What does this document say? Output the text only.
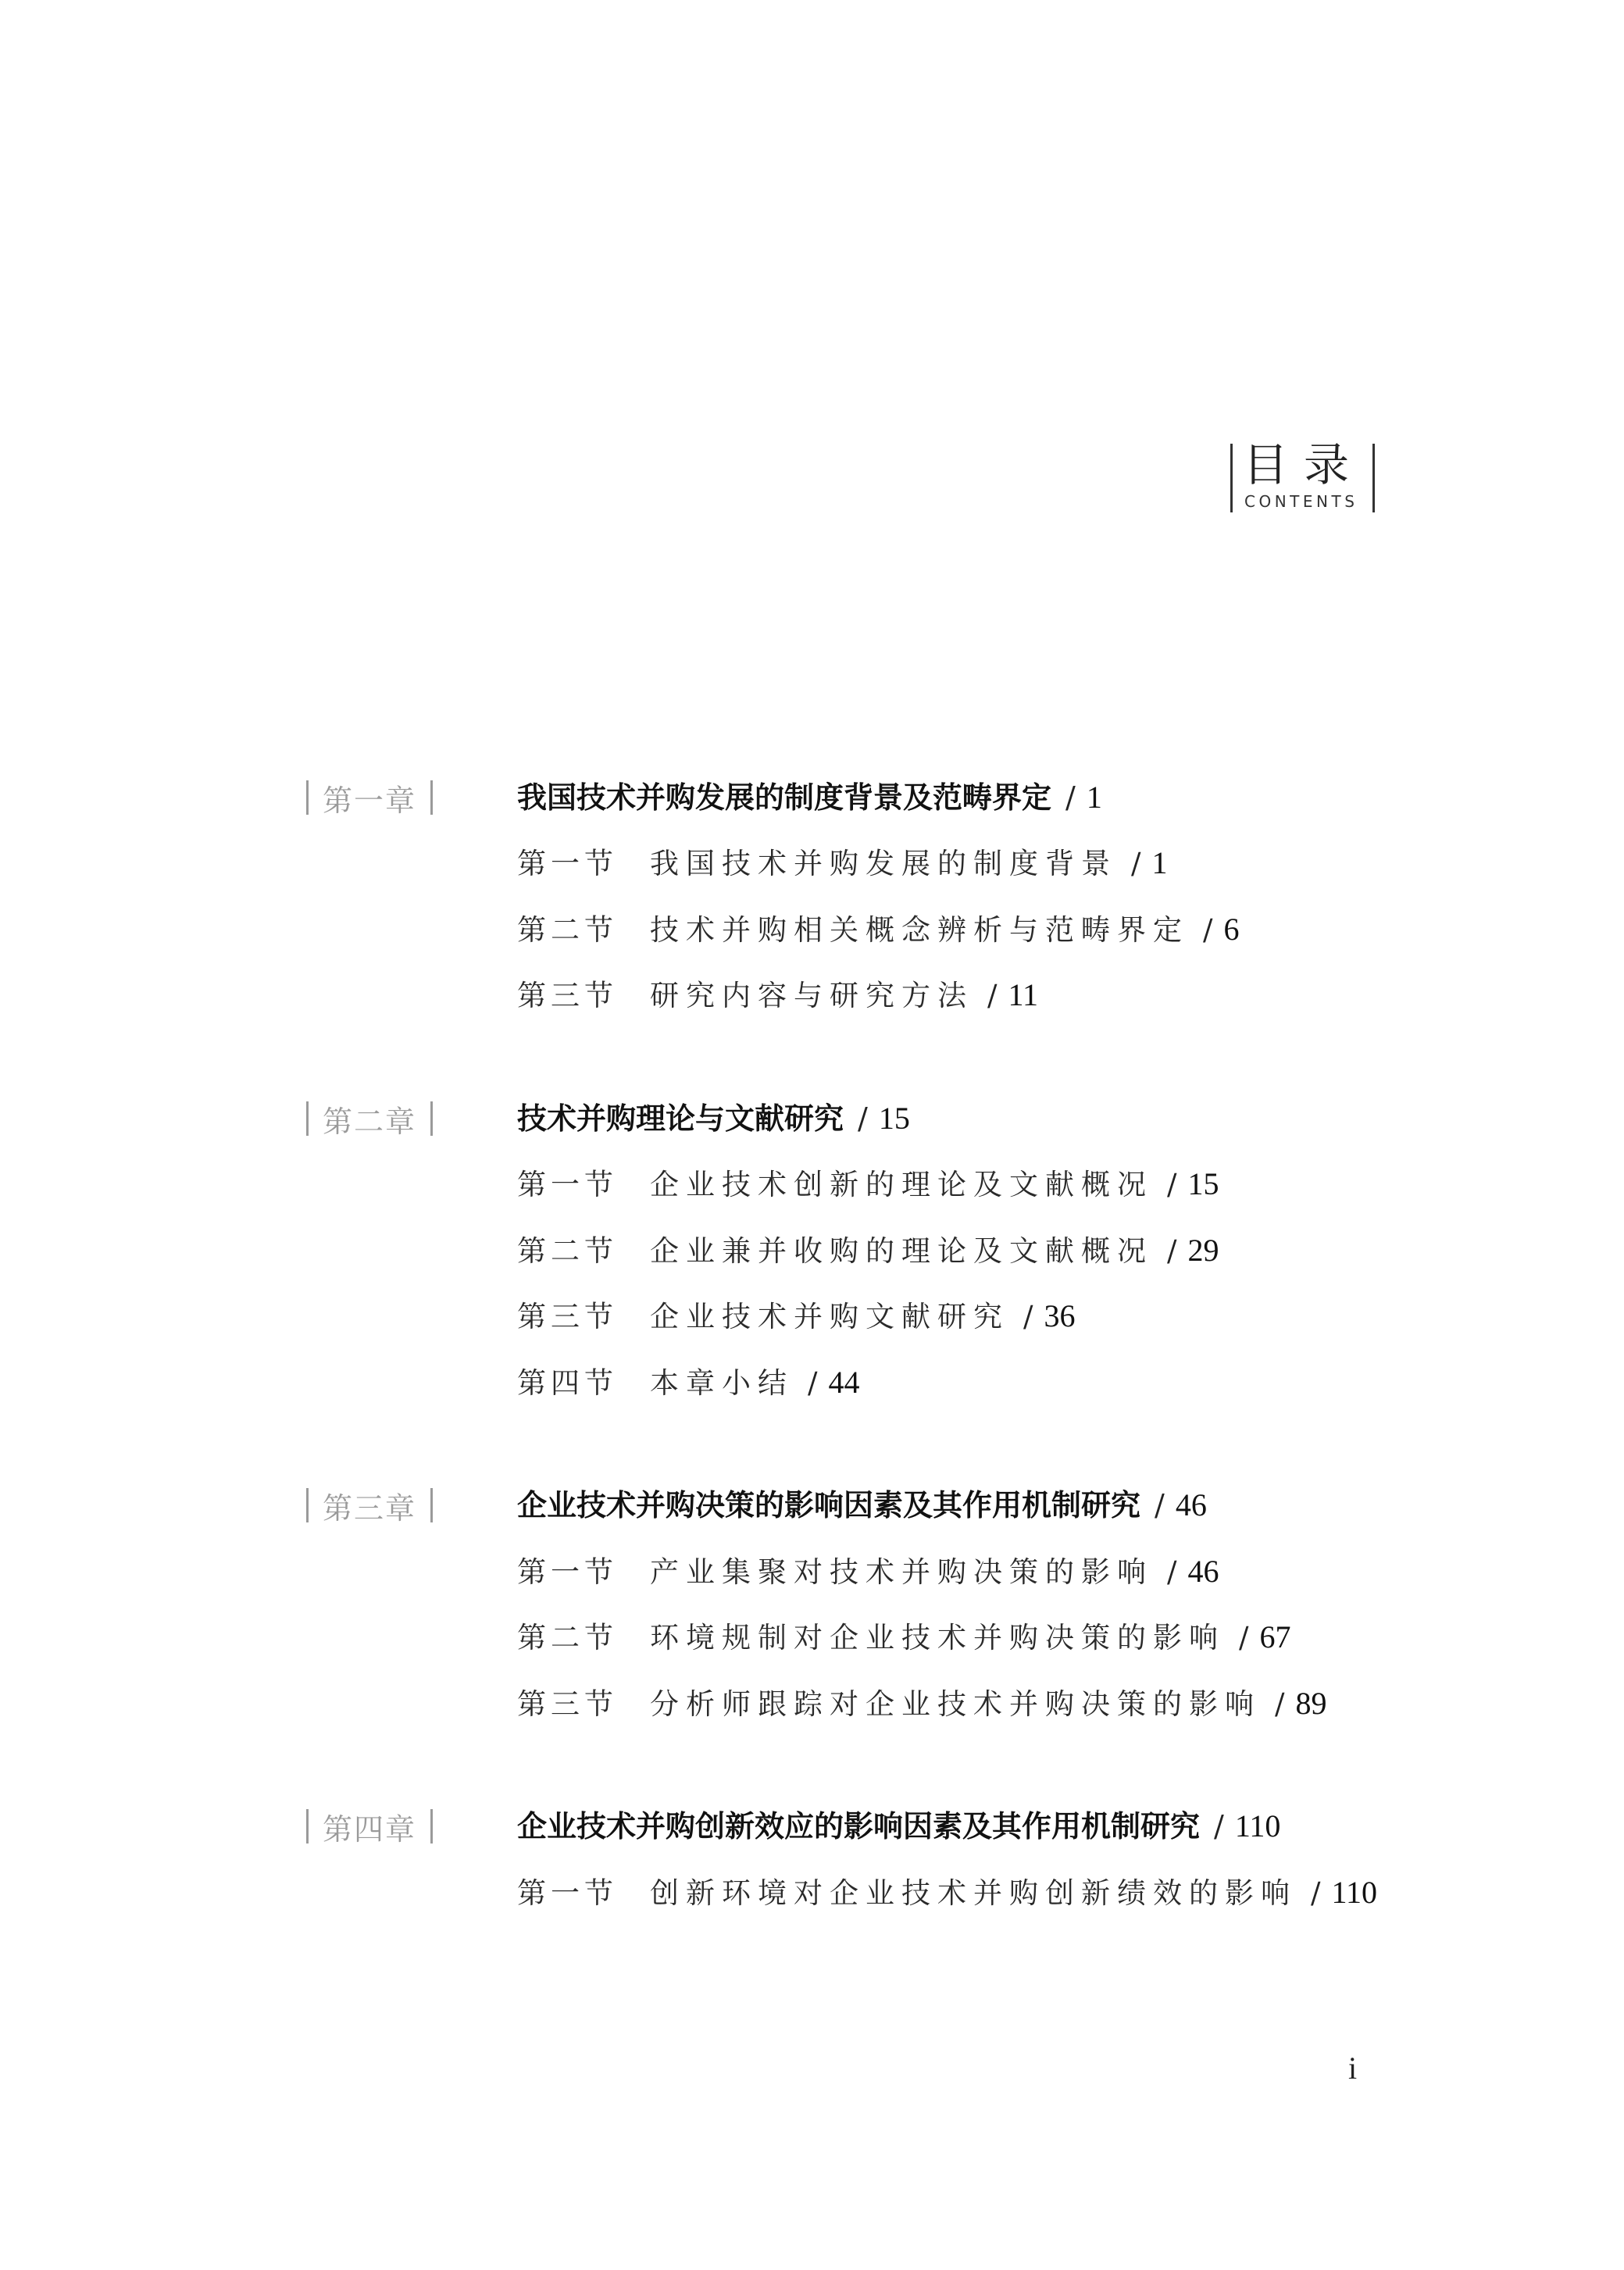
目录
CONTENTS
第一章	我国技术并购发展的制度背景及范畴界定 / 1
第一节 我国技术并购发展的制度背景 / 1
第二节 技术并购相关概念辨析与范畴界定 / 6
第三节 研究内容与研究方法 / 11
第二章	技术并购理论与文献研究 / 15
第一节 企业技术创新的理论及文献概况 / 15
第二节 企业兼并收购的理论及文献概况 / 29
第三节 企业技术并购文献研究 / 36
第四节 本章小结 / 44
第三章	企业技术并购决策的影响因素及其作用机制研究 / 46
第一节 产业集聚对技术并购决策的影响 / 46
第二节 环境规制对企业技术并购决策的影响 / 67
第三节 分析师跟踪对企业技术并购决策的影响 / 89
第四章	企业技术并购创新效应的影响因素及其作用机制研究 / 110
第一节 创新环境对企业技术并购创新绩效的影响 / 110
i
